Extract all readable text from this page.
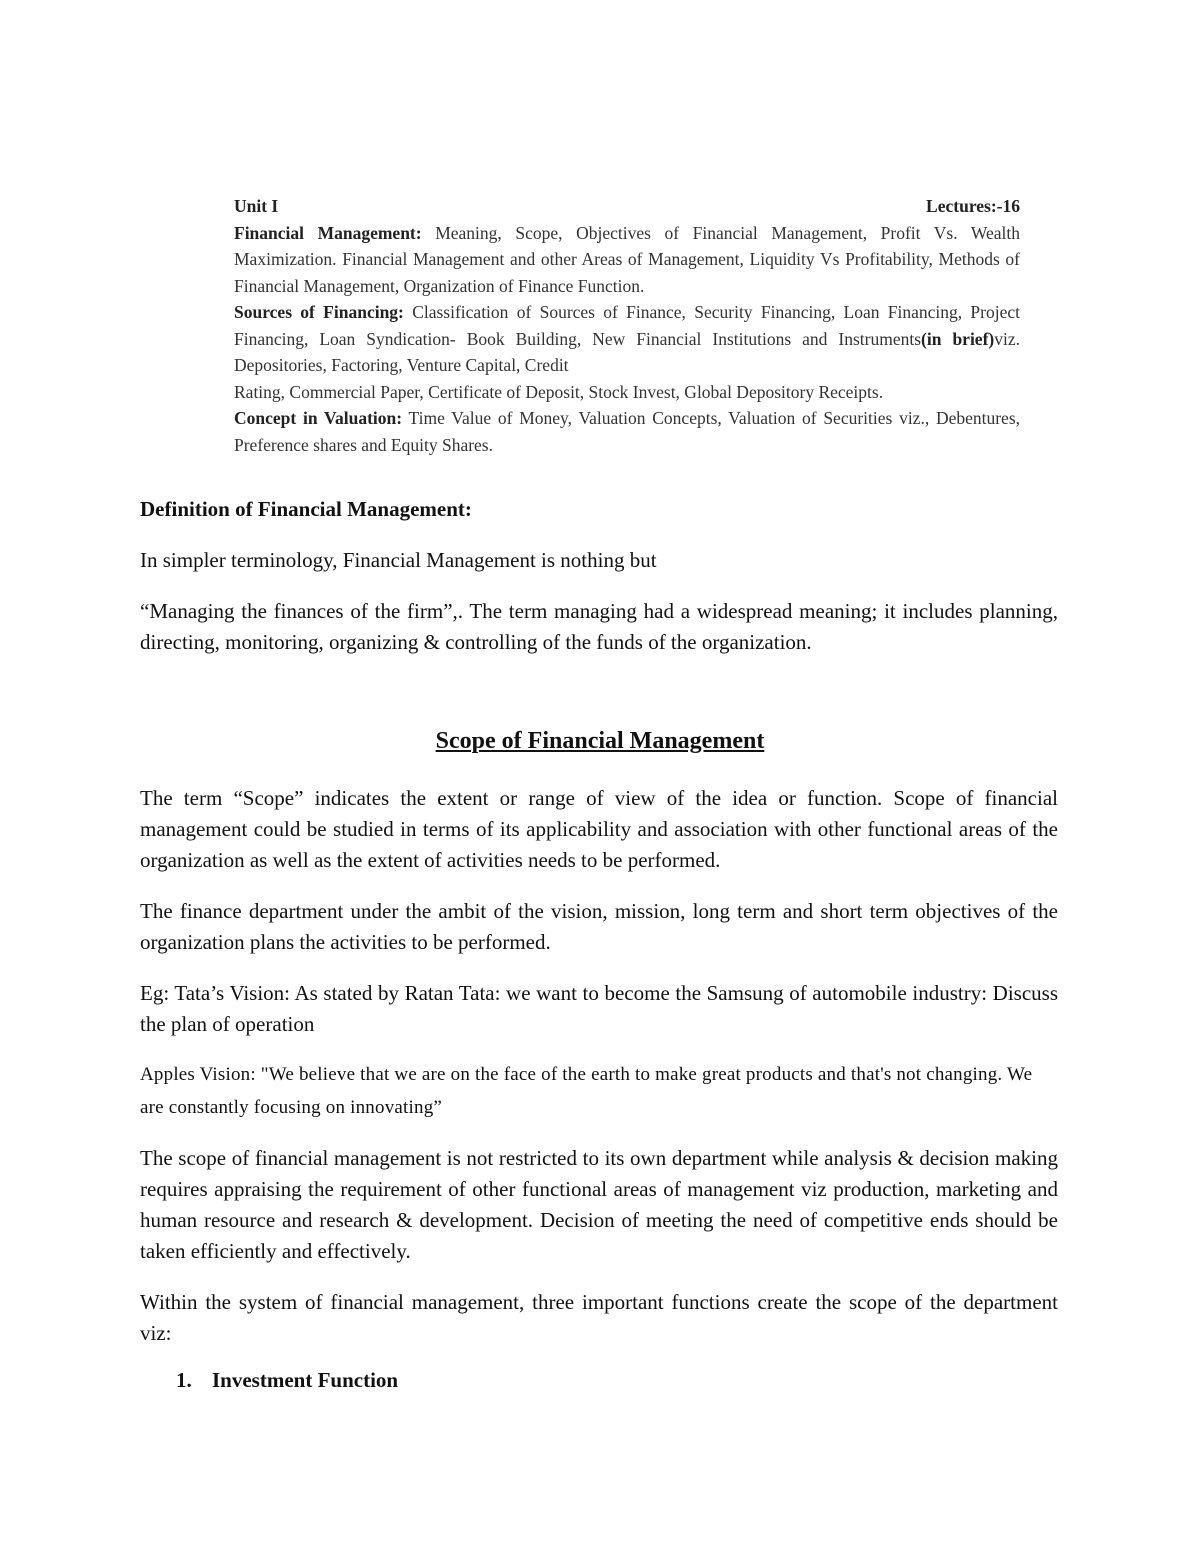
Unit I	Lectures:-16

Financial Management: Meaning, Scope, Objectives of Financial Management, Profit Vs. Wealth Maximization. Financial Management and other Areas of Management, Liquidity Vs Profitability, Methods of Financial Management, Organization of Finance Function.

Sources of Financing: Classification of Sources of Finance, Security Financing, Loan Financing, Project Financing, Loan Syndication- Book Building, New Financial Institutions and Instruments(in brief)viz. Depositories, Factoring, Venture Capital, Credit

Rating, Commercial Paper, Certificate of Deposit, Stock Invest, Global Depository Receipts.

Concept in Valuation: Time Value of Money, Valuation Concepts, Valuation of Securities viz., Debentures, Preference shares and Equity Shares.

Definition of Financial Management:

In simpler terminology, Financial Management is nothing but

“Managing the finances of the firm”,. The term managing had a widespread meaning; it includes planning, directing, monitoring, organizing & controlling of the funds of the organization.

Scope of Financial Management

The term “Scope” indicates the extent or range of view of the idea or function. Scope of financial management could be studied in terms of its applicability and association with other functional areas of the organization as well as the extent of activities needs to be performed.

The finance department under the ambit of the vision, mission, long term and short term objectives of the organization plans the activities to be performed.

Eg: Tata’s Vision: As stated by Ratan Tata: we want to become the Samsung of automobile industry: Discuss the plan of operation

Apples Vision: "We believe that we are on the face of the earth to make great products and that's not changing. We are constantly focusing on innovating”

The scope of financial management is not restricted to its own department while analysis & decision making requires appraising the requirement of other functional areas of management viz production, marketing and human resource and research & development. Decision of meeting the need of competitive ends should be taken efficiently and effectively.

Within the system of financial management, three important functions create the scope of the department viz:

1. Investment Function
